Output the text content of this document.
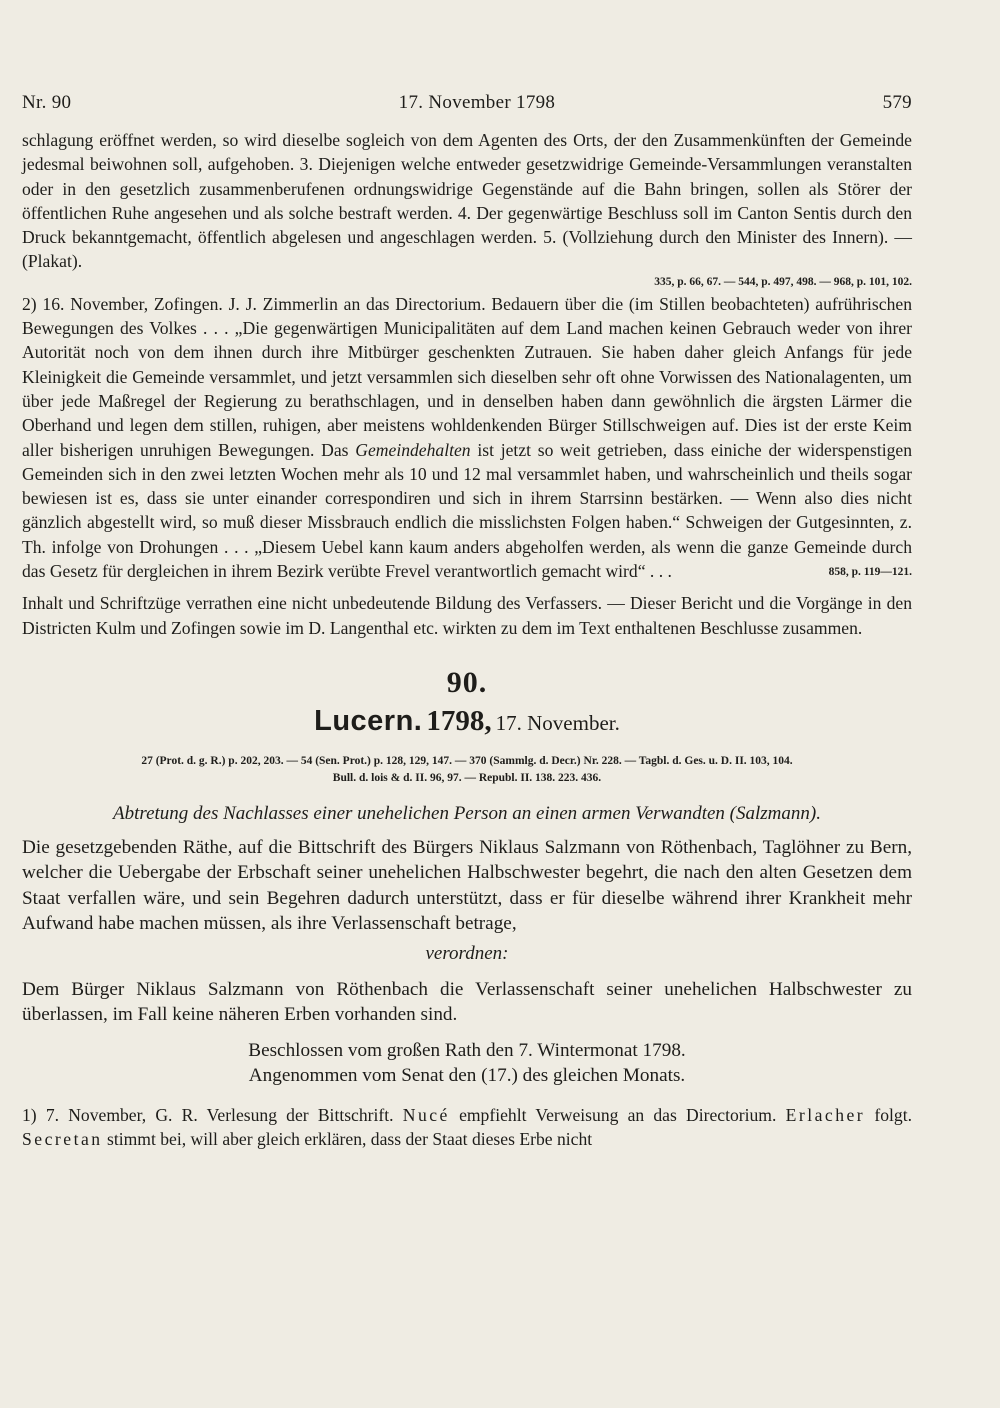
Nr. 90	17. November 1798	579

schlagung eröffnet werden, so wird dieselbe sogleich von dem Agenten des Orts, der den Zusammenkünften der Gemeinde jedesmal beiwohnen soll, aufgehoben. 3. Diejenigen welche entweder gesetzwidrige Gemeinde-Versammlungen veranstalten oder in den gesetzlich zusammenberufenen ordnungswidrige Gegenstände auf die Bahn bringen, sollen als Störer der öffentlichen Ruhe angesehen und als solche bestraft werden. 4. Der gegenwärtige Beschluss soll im Canton Sentis durch den Druck bekanntgemacht, öffentlich abgelesen und angeschlagen werden. 5. (Vollziehung durch den Minister des Innern). — (Plakat).

335, p. 66, 67. — 544, p. 497, 498. — 968, p. 101, 102.

2) 16. November, Zofingen. J. J. Zimmerlin an das Directorium. Bedauern über die (im Stillen beobachteten) aufrührischen Bewegungen des Volkes . . . „Die gegenwärtigen Municipalitäten auf dem Land machen keinen Gebrauch weder von ihrer Autorität noch von dem ihnen durch ihre Mitbürger geschenkten Zutrauen. Sie haben daher gleich Anfangs für jede Kleinigkeit die Gemeinde versammlet, und jetzt versammlen sich dieselben sehr oft ohne Vorwissen des Nationalagenten, um über jede Maßregel der Regierung zu berathschlagen, und in denselben haben dann gewöhnlich die ärgsten Lärmer die Oberhand und legen dem stillen, ruhigen, aber meistens wohldenkenden Bürger Stillschweigen auf. Dies ist der erste Keim aller bisherigen unruhigen Bewegungen. Das Gemeindehalten ist jetzt so weit getrieben, dass einiche der widerspenstigen Gemeinden sich in den zwei letzten Wochen mehr als 10 und 12 mal versammlet haben, und wahrscheinlich und theils sogar bewiesen ist es, dass sie unter einander correspondiren und sich in ihrem Starrsinn bestärken. — Wenn also dies nicht gänzlich abgestellt wird, so muß dieser Missbrauch endlich die misslichsten Folgen haben.“ Schweigen der Gutgesinnten, z. Th. infolge von Drohungen . . . „Diesem Uebel kann kaum anders abgeholfen werden, als wenn die ganze Gemeinde durch das Gesetz für dergleichen in ihrem Bezirk verübte Frevel verantwortlich gemacht wird“ . . .	858, p. 119—121.

Inhalt und Schriftzüge verrathen eine nicht unbedeutende Bildung des Verfassers. — Dieser Bericht und die Vorgänge in den Districten Kulm und Zofingen sowie im D. Langenthal etc. wirkten zu dem im Text enthaltenen Beschlusse zusammen.

90.
Lucern. 1798, 17. November.
27 (Prot. d. g. R.) p. 202, 203. — 54 (Sen. Prot.) p. 128, 129, 147. — 370 (Sammlg. d. Decr.) Nr. 228. — Tagbl. d. Ges. u. D. II. 103, 104.
Bull. d. lois & d. II. 96, 97. — Republ. II. 138. 223. 436.
Abtretung des Nachlasses einer unehelichen Person an einen armen Verwandten (Salzmann).

Die gesetzgebenden Räthe, auf die Bittschrift des Bürgers Niklaus Salzmann von Röthenbach, Taglöhner zu Bern, welcher die Uebergabe der Erbschaft seiner unehelichen Halbschwester begehrt, die nach den alten Gesetzen dem Staat verfallen wäre, und sein Begehren dadurch unterstützt, dass er für dieselbe während ihrer Krankheit mehr Aufwand habe machen müssen, als ihre Verlassenschaft betrage,

verordnen:

Dem Bürger Niklaus Salzmann von Röthenbach die Verlassenschaft seiner unehelichen Halbschwester zu überlassen, im Fall keine näheren Erben vorhanden sind.

Beschlossen vom großen Rath den 7. Wintermonat 1798.
Angenommen vom Senat den (17.) des gleichen Monats.

1) 7. November, G. R. Verlesung der Bittschrift. Nucé empfiehlt Verweisung an das Directorium. Erlacher folgt. Secretan stimmt bei, will aber gleich erklären, dass der Staat dieses Erbe nicht
